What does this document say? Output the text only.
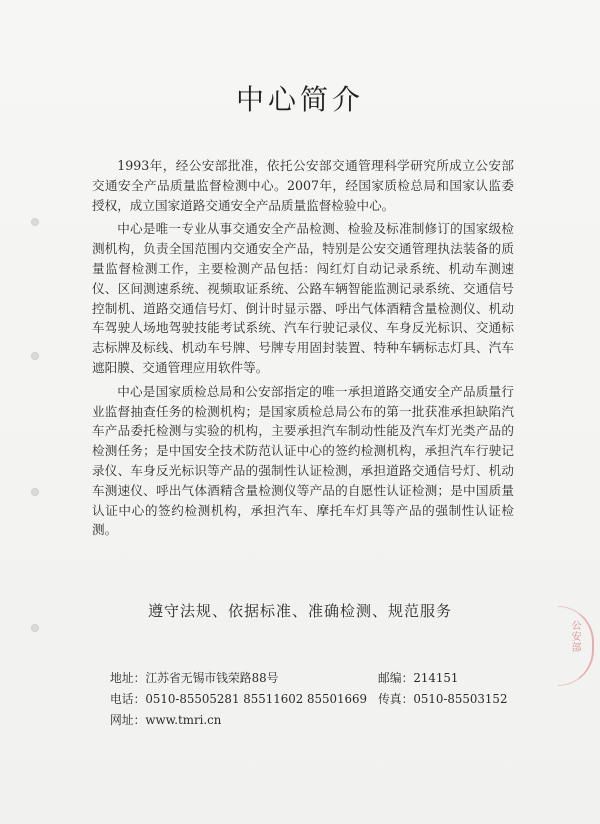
中心简介

1993年，经公安部批准，依托公安部交通管理科学研究所成立公安部交通安全产品质量监督检测中心。2007年，经国家质检总局和国家认监委授权，成立国家道路交通安全产品质量监督检验中心。

中心是唯一专业从事交通安全产品检测、检验及标准制修订的国家级检测机构，负责全国范围内交通安全产品，特别是公安交通管理执法装备的质量监督检测工作，主要检测产品包括：闯红灯自动记录系统、机动车测速仪、区间测速系统、视频取证系统、公路车辆智能监测记录系统、交通信号控制机、道路交通信号灯、倒计时显示器、呼出气体酒精含量检测仪、机动车驾驶人场地驾驶技能考试系统、汽车行驶记录仪、车身反光标识、交通标志标牌及标线、机动车号牌、号牌专用固封装置、特种车辆标志灯具、汽车遮阳膜、交通管理应用软件等。

中心是国家质检总局和公安部指定的唯一承担道路交通安全产品质量行业监督抽查任务的检测机构；是国家质检总局公布的第一批获准承担缺陷汽车产品委托检测与实验的机构，主要承担汽车制动性能及汽车灯光类产品的检测任务；是中国安全技术防范认证中心的签约检测机构，承担汽车行驶记录仪、车身反光标识等产品的强制性认证检测，承担道路交通信号灯、机动车测速仪、呼出气体酒精含量检测仪等产品的自愿性认证检测；是中国质量认证中心的签约检测机构，承担汽车、摩托车灯具等产品的强制性认证检测。

遵守法规、依据标准、准确检测、规范服务
地址：江苏省无锡市钱荣路88号	邮编：214151
电话：0510-85505281 85511602 85501669 传真：0510-85503152
网址：www.tmri.cn
公安部
